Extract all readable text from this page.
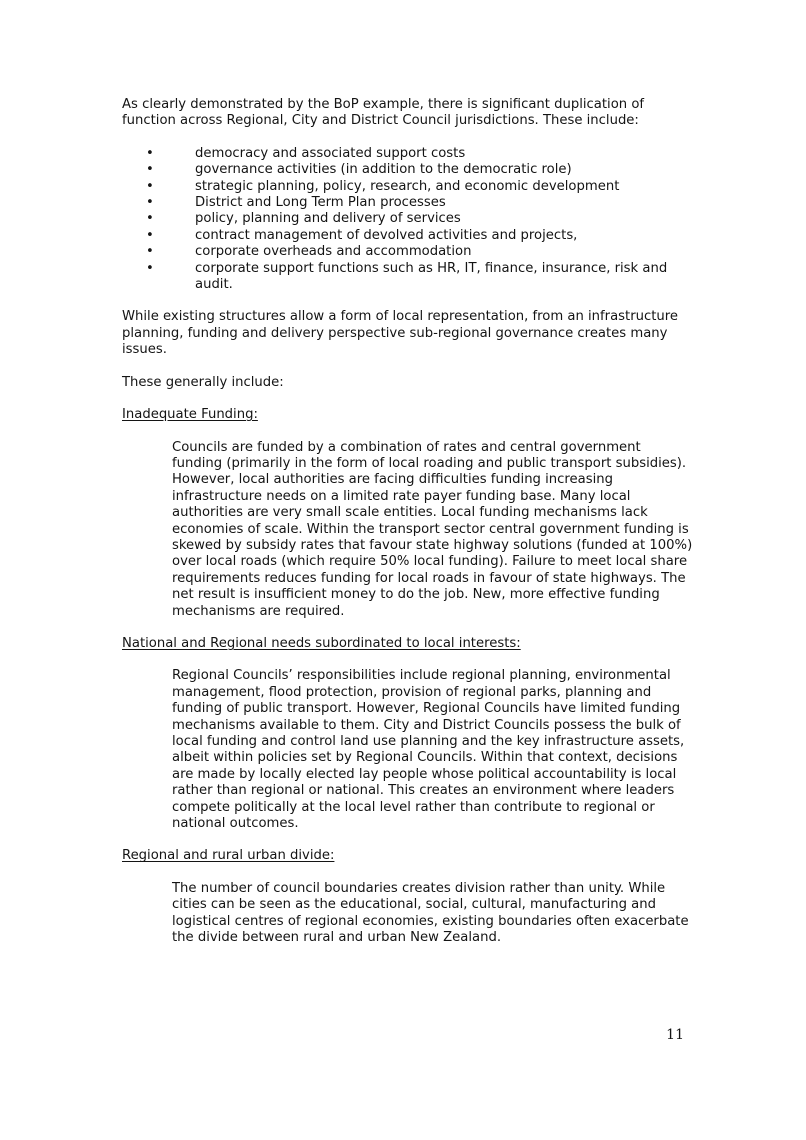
As clearly demonstrated by the BoP example, there is significant duplication of function across Regional, City and District Council jurisdictions. These include:

•	democracy and associated support costs
•	governance activities (in addition to the democratic role)
•	strategic planning, policy, research, and economic development
•	District and Long Term Plan processes
•	policy, planning and delivery of services
•	contract management of devolved activities and projects,
•	corporate overheads and accommodation
•	corporate support functions such as HR, IT, finance, insurance, risk and audit.

While existing structures allow a form of local representation, from an infrastructure planning, funding and delivery perspective sub-regional governance creates many issues.

These generally include:

Inadequate Funding:

Councils are funded by a combination of rates and central government funding (primarily in the form of local roading and public transport subsidies). However, local authorities are facing difficulties funding increasing infrastructure needs on a limited rate payer funding base. Many local authorities are very small scale entities. Local funding mechanisms lack economies of scale. Within the transport sector central government funding is skewed by subsidy rates that favour state highway solutions (funded at 100%) over local roads (which require 50% local funding). Failure to meet local share requirements reduces funding for local roads in favour of state highways. The net result is insufficient money to do the job. New, more effective funding mechanisms are required.

National and Regional needs subordinated to local interests:

Regional Councils’ responsibilities include regional planning, environmental management, flood protection, provision of regional parks, planning and funding of public transport. However, Regional Councils have limited funding mechanisms available to them. City and District Councils possess the bulk of local funding and control land use planning and the key infrastructure assets, albeit within policies set by Regional Councils. Within that context, decisions are made by locally elected lay people whose political accountability is local rather than regional or national. This creates an environment where leaders compete politically at the local level rather than contribute to regional or national outcomes.

Regional and rural urban divide:

The number of council boundaries creates division rather than unity. While cities can be seen as the educational, social, cultural, manufacturing and logistical centres of regional economies, existing boundaries often exacerbate the divide between rural and urban New Zealand.

11
